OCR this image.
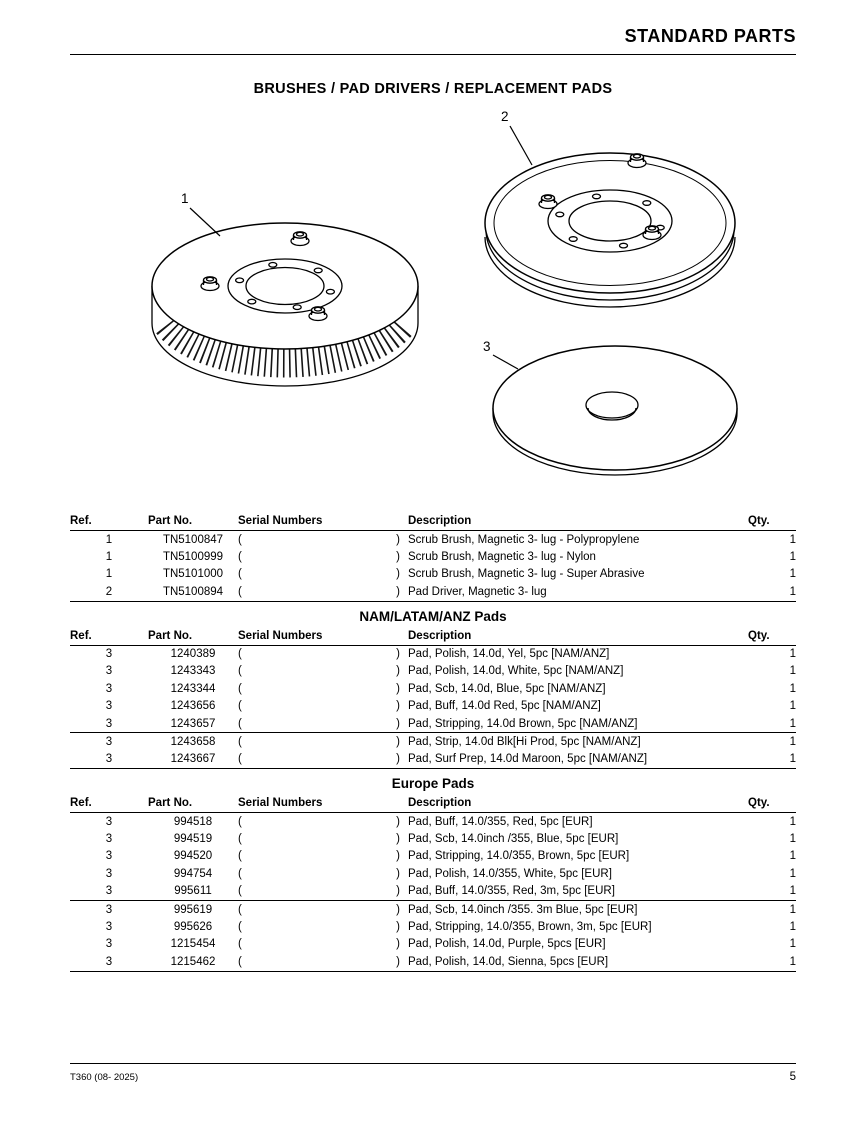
STANDARD PARTS
BRUSHES / PAD DRIVERS / REPLACEMENT PADS
1
2
3
Ref.	Part No.	Serial Numbers	Description	Qty.
1	TN5100847	( )	Scrub Brush, Magnetic 3- lug - Polypropylene	1
1	TN5100999	( )	Scrub Brush, Magnetic 3- lug - Nylon	1
1	TN5101000	( )	Scrub Brush, Magnetic 3- lug - Super Abrasive	1
2	TN5100894	( )	Pad Driver, Magnetic 3- lug	1
NAM/LATAM/ANZ Pads
Ref.	Part No.	Serial Numbers	Description	Qty.
3	1240389	( )	Pad, Polish, 14.0d, Yel, 5pc [NAM/ANZ]	1
3	1243343	( )	Pad, Polish, 14.0d, White, 5pc [NAM/ANZ]	1
3	1243344	( )	Pad, Scb, 14.0d, Blue, 5pc [NAM/ANZ]	1
3	1243656	( )	Pad, Buff, 14.0d Red, 5pc [NAM/ANZ]	1
3	1243657	( )	Pad, Stripping, 14.0d Brown, 5pc [NAM/ANZ]	1
3	1243658	( )	Pad, Strip, 14.0d Blk[Hi Prod, 5pc [NAM/ANZ]	1
3	1243667	( )	Pad, Surf Prep, 14.0d Maroon, 5pc [NAM/ANZ]	1
Europe Pads
Ref.	Part No.	Serial Numbers	Description	Qty.
3	994518	( )	Pad, Buff, 14.0/355, Red, 5pc [EUR]	1
3	994519	( )	Pad, Scb, 14.0inch /355, Blue, 5pc [EUR]	1
3	994520	( )	Pad, Stripping, 14.0/355, Brown, 5pc [EUR]	1
3	994754	( )	Pad, Polish, 14.0/355, White, 5pc [EUR]	1
3	995611	( )	Pad, Buff, 14.0/355, Red, 3m, 5pc [EUR]	1
3	995619	( )	Pad, Scb, 14.0inch /355. 3m Blue, 5pc [EUR]	1
3	995626	( )	Pad, Stripping, 14.0/355, Brown, 3m, 5pc [EUR]	1
3	1215454	( )	Pad, Polish, 14.0d, Purple, 5pcs [EUR]	1
3	1215462	( )	Pad, Polish, 14.0d, Sienna, 5pcs [EUR]	1
T360 (08- 2025)	5
